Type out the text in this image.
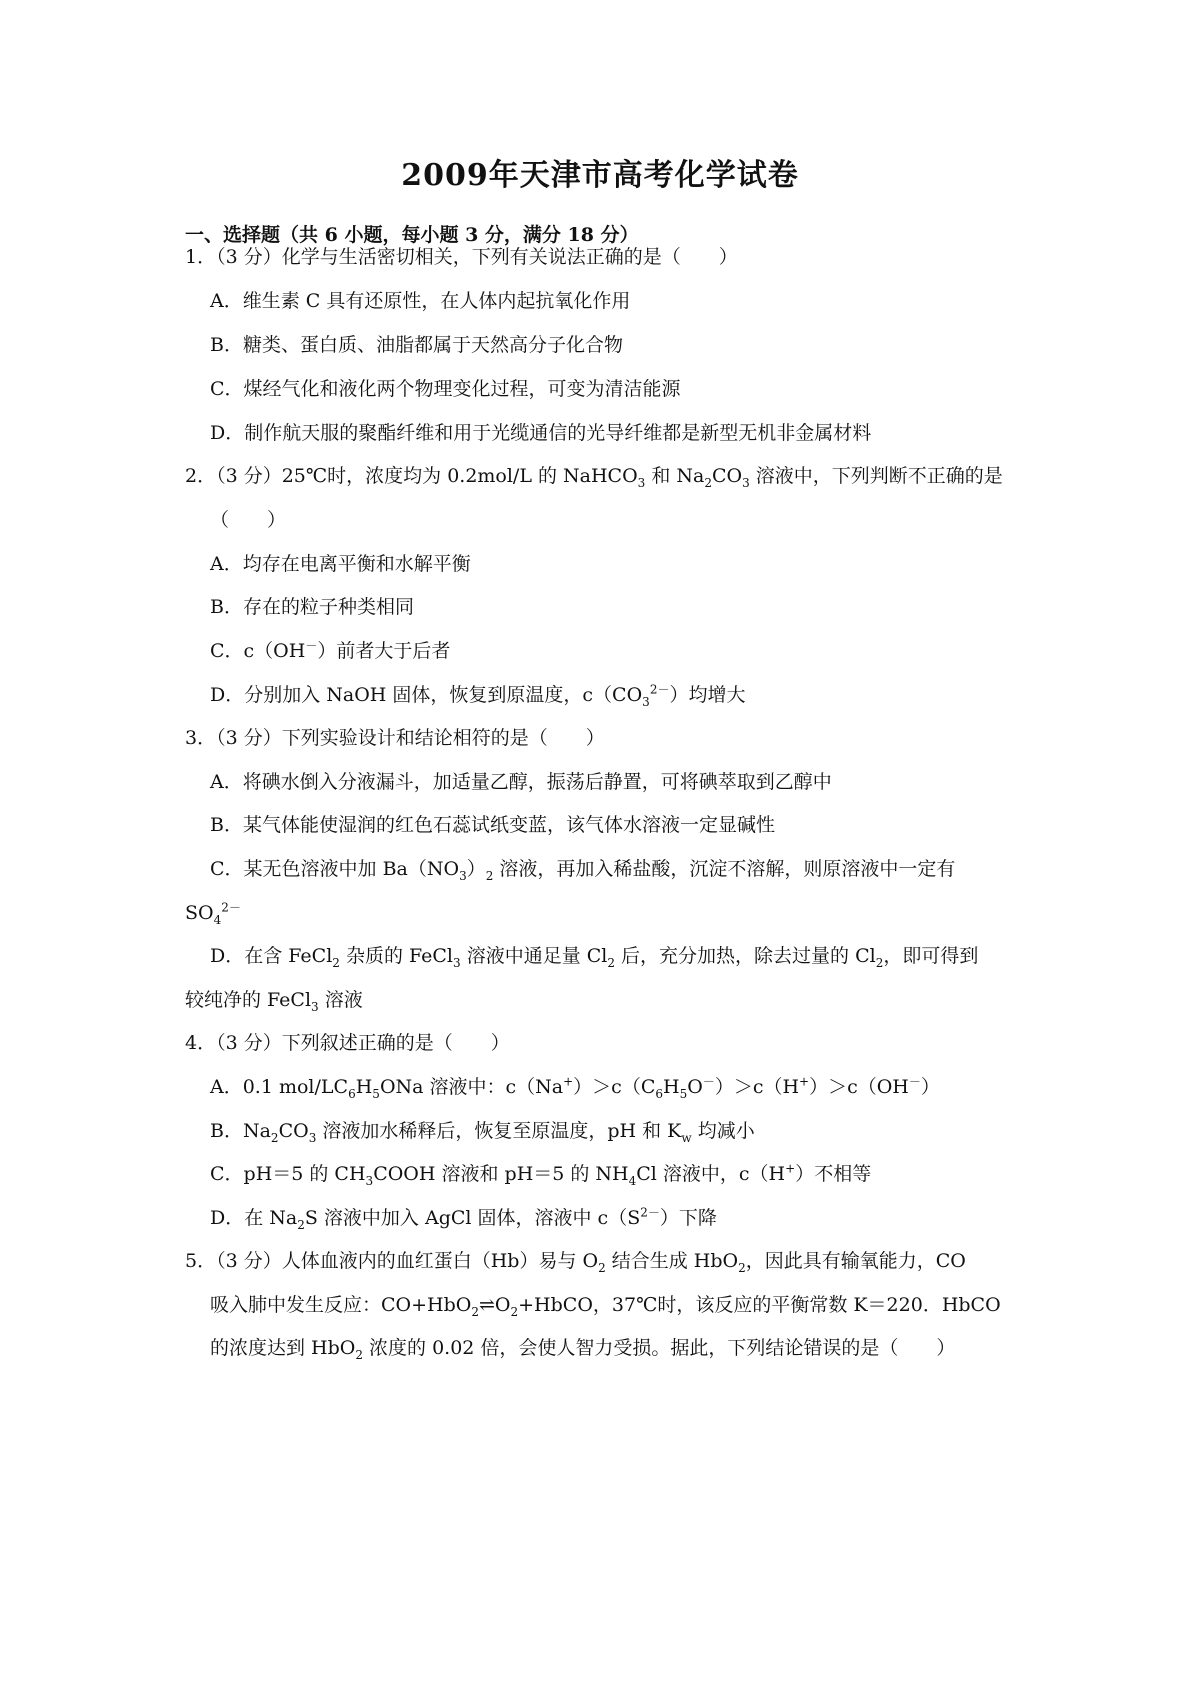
2009年天津市高考化学试卷
一、选择题（共 6 小题，每小题 3 分，满分 18 分）
1．（3 分）化学与生活密切相关，下列有关说法正确的是（　　）
A．维生素 C 具有还原性，在人体内起抗氧化作用
B．糖类、蛋白质、油脂都属于天然高分子化合物
C．煤经气化和液化两个物理变化过程，可变为清洁能源
D．制作航天服的聚酯纤维和用于光缆通信的光导纤维都是新型无机非金属材料
2．（3 分）25℃时，浓度均为 0.2mol/L 的 NaHCO$_3$ 和 $Na_2CO_3$ 溶液中，下列判断不正确的是
（　　）
A．均存在电离平衡和水解平衡
B．存在的粒子种类相同
C．c（OH－）前者大于后者
D．分别加入 NaOH 固体，恢复到原温度，$c(CO_3^{2-})$均增大
3．（3 分）下列实验设计和结论相符的是（　　）
A．将碘水倒入分液漏斗，加适量乙醇，振荡后静置，可将碘萃取到乙醇中
B．某气体能使湿润的红色石蕊试纸变蓝，该气体水溶液一定显碱性
C．某无色溶液中加 $Ba(NO_3)_2$ 溶液，再加入稀盐酸，沉淀不溶解，则原溶液中一定有
$SO_4^{2-}$
D．在含 FeCl$_2$ 杂质的 FeCl$_3$ 溶液中通足量 $Cl_2$ 后，充分加热，除去过量的 $Cl_2$，即可得到
较纯净的 FeCl$_3$ 溶液
4．（3 分）下列叙述正确的是（　　）
A．0.1 mol/$LC_6H_5ONa$ 溶液中：$c(Na^+)>c(C_6H_5O^-)>c(H^+)>c(OH^-)$
B．$Na_2CO_3$ 溶液加水稀释后，恢复至原温度，pH 和 $K_w$ 均减小
C．pH＝5 的 $CH_3COOH$ 溶液和 pH＝5 的 $NH_4Cl$ 溶液中，c（H+）不相等
D．在 $Na_2S$ 溶液中加入 AgCl 固体，溶液中 $c(S^{2-})$下降
5．（3 分）人体血液内的血红蛋白（Hb）易与 $O_2$ 结合生成 HbO$_2$，因此具有输氧能力，CO
吸入肺中发生反应：$CO+HbO_2\rightleftharpoons O_2+HbCO$，37℃时，该反应的平衡常数 K＝220．HbCO
的浓度达到 HbO$_2$ 浓度的 0.02 倍，会使人智力受损。据此，下列结论错误的是（　　）
